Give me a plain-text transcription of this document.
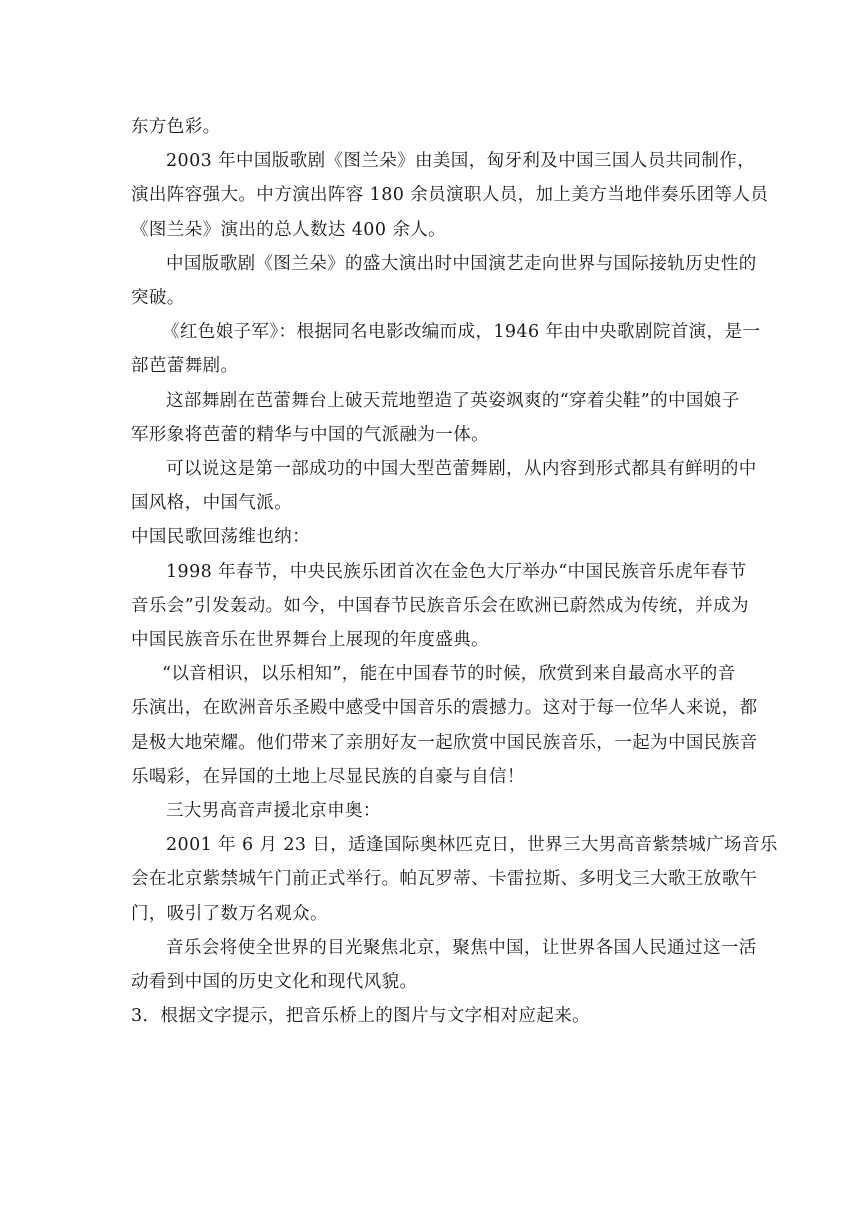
东方色彩。
2003 年中国版歌剧《图兰朵》由美国，匈牙利及中国三国人员共同制作，
演出阵容强大。中方演出阵容 180 余员演职人员，加上美方当地伴奏乐团等人员
《图兰朵》演出的总人数达 400 余人。
中国版歌剧《图兰朵》的盛大演出时中国演艺走向世界与国际接轨历史性的
突破。
《红色娘子军》：根据同名电影改编而成，1946 年由中央歌剧院首演，是一
部芭蕾舞剧。
这部舞剧在芭蕾舞台上破天荒地塑造了英姿飒爽的“穿着尖鞋”的中国娘子
军形象将芭蕾的精华与中国的气派融为一体。
可以说这是第一部成功的中国大型芭蕾舞剧，从内容到形式都具有鲜明的中
国风格，中国气派。
中国民歌回荡维也纳：
1998 年春节，中央民族乐团首次在金色大厅举办“中国民族音乐虎年春节
音乐会”引发轰动。如今，中国春节民族音乐会在欧洲已蔚然成为传统，并成为
中国民族音乐在世界舞台上展现的年度盛典。
“以音相识，以乐相知”，能在中国春节的时候，欣赏到来自最高水平的音
乐演出，在欧洲音乐圣殿中感受中国音乐的震撼力。这对于每一位华人来说，都
是极大地荣耀。他们带来了亲朋好友一起欣赏中国民族音乐，一起为中国民族音
乐喝彩，在异国的土地上尽显民族的自豪与自信！
三大男高音声援北京申奥：
2001 年 6 月 23 日，适逢国际奥林匹克日，世界三大男高音紫禁城广场音乐
会在北京紫禁城午门前正式举行。帕瓦罗蒂、卡雷拉斯、多明戈三大歌王放歌午
门，吸引了数万名观众。
音乐会将使全世界的目光聚焦北京，聚焦中国，让世界各国人民通过这一活
动看到中国的历史文化和现代风貌。
3．根据文字提示，把音乐桥上的图片与文字相对应起来。
